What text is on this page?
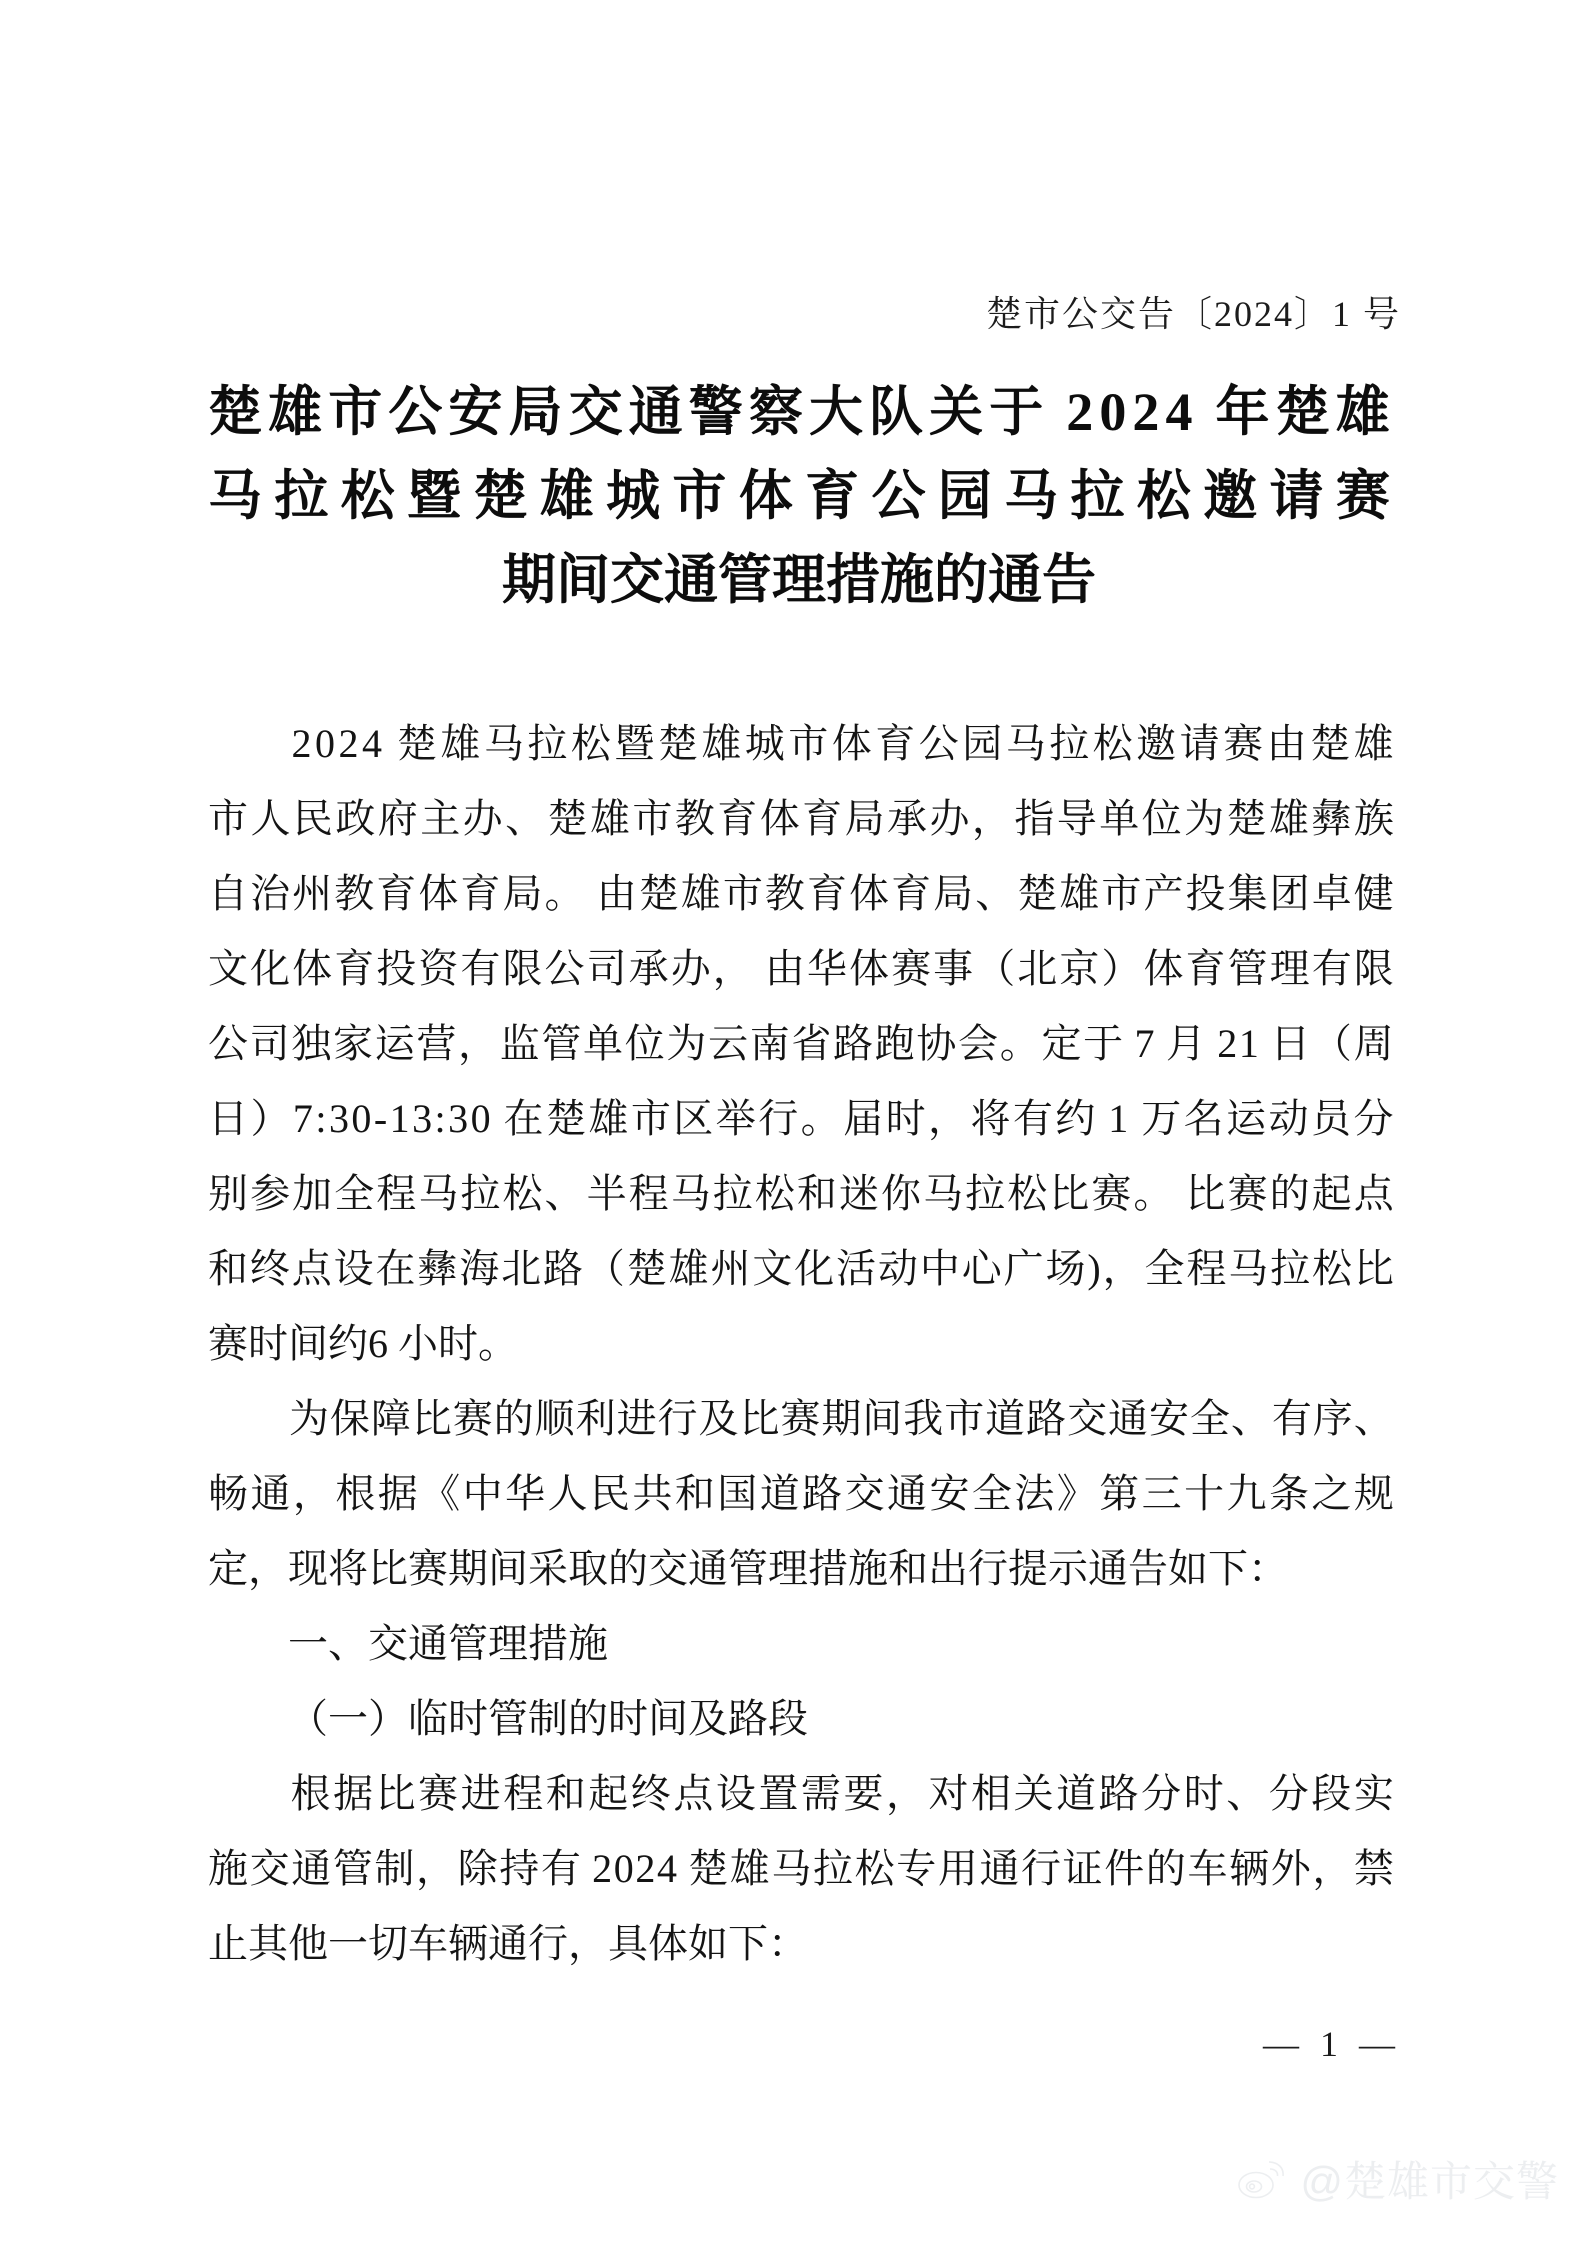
楚市公交告〔2024〕1 号
楚 雄 市 公 安 局 交 通 警 察 大 队 关 于
  2 0 2 4
  年 楚 雄
马 拉 松 暨 楚 雄 城 市 体 育 公 园 马 拉 松 邀 请 赛
期间交通管理措施的通告
2 0 2 4
  楚 雄 马 拉 松 暨 楚 雄 城 市 体 育 公 园 马 拉 松 邀 请 赛 由 楚 雄
市 人 民 政 府 主 办 、 楚 雄 市 教 育 体 育 局 承 办 ， 指 导 单 位 为 楚 雄 彝 族
自 治 州 教 育 体 育 局 。
  由 楚 雄 市 教 育 体 育 局 、 楚 雄 市 产 投 集 团 卓 健
文 化 体 育 投 资 有 限 公 司 承 办 ，
  由 华 体 赛 事 （ 北 京 ） 体 育 管 理 有 限
公 司 独 家 运 营 ， 监 管 单 位 为 云 南 省 路 跑 协 会 。 定 于
  7
  月
  2 1
  日 （ 周
日 ） 7 : 3 0 - 1 3 : 3 0
  在 楚 雄 市 区 举 行 。 届 时 ， 将 有 约
  1
  万 名 运 动 员 分
别 参 加 全 程 马 拉 松 、 半 程 马 拉 松 和 迷 你 马 拉 松 比 赛 。
  比 赛 的 起 点
和 终 点 设 在 彝 海 北 路 （ 楚 雄 州 文 化 活 动 中 心 广 场 ) ， 全 程 马 拉 松 比
赛时间约6 小时。
为 保 障 比 赛 的 顺 利 进 行 及 比 赛 期 间 我 市 道 路 交 通 安 全 、 有 序 、
畅 通 ， 根 据 《 中 华 人 民 共 和 国 道 路 交 通 安 全 法 》 第 三 十 九 条 之 规
定，现将比赛期间采取的交通管理措施和出行提示通告如下：
一、交通管理措施
（一）临时管制的时间及路段
根 据 比 赛 进 程 和 起 终 点 设 置 需 要 ， 对 相 关 道 路 分 时 、 分 段 实
施 交 通 管 制 ， 除 持 有
  2 0 2 4
  楚 雄 马 拉 松 专 用 通 行 证 件 的 车 辆 外 ， 禁
止其他一切车辆通行，具体如下：
— 1 —
@楚雄市交警
